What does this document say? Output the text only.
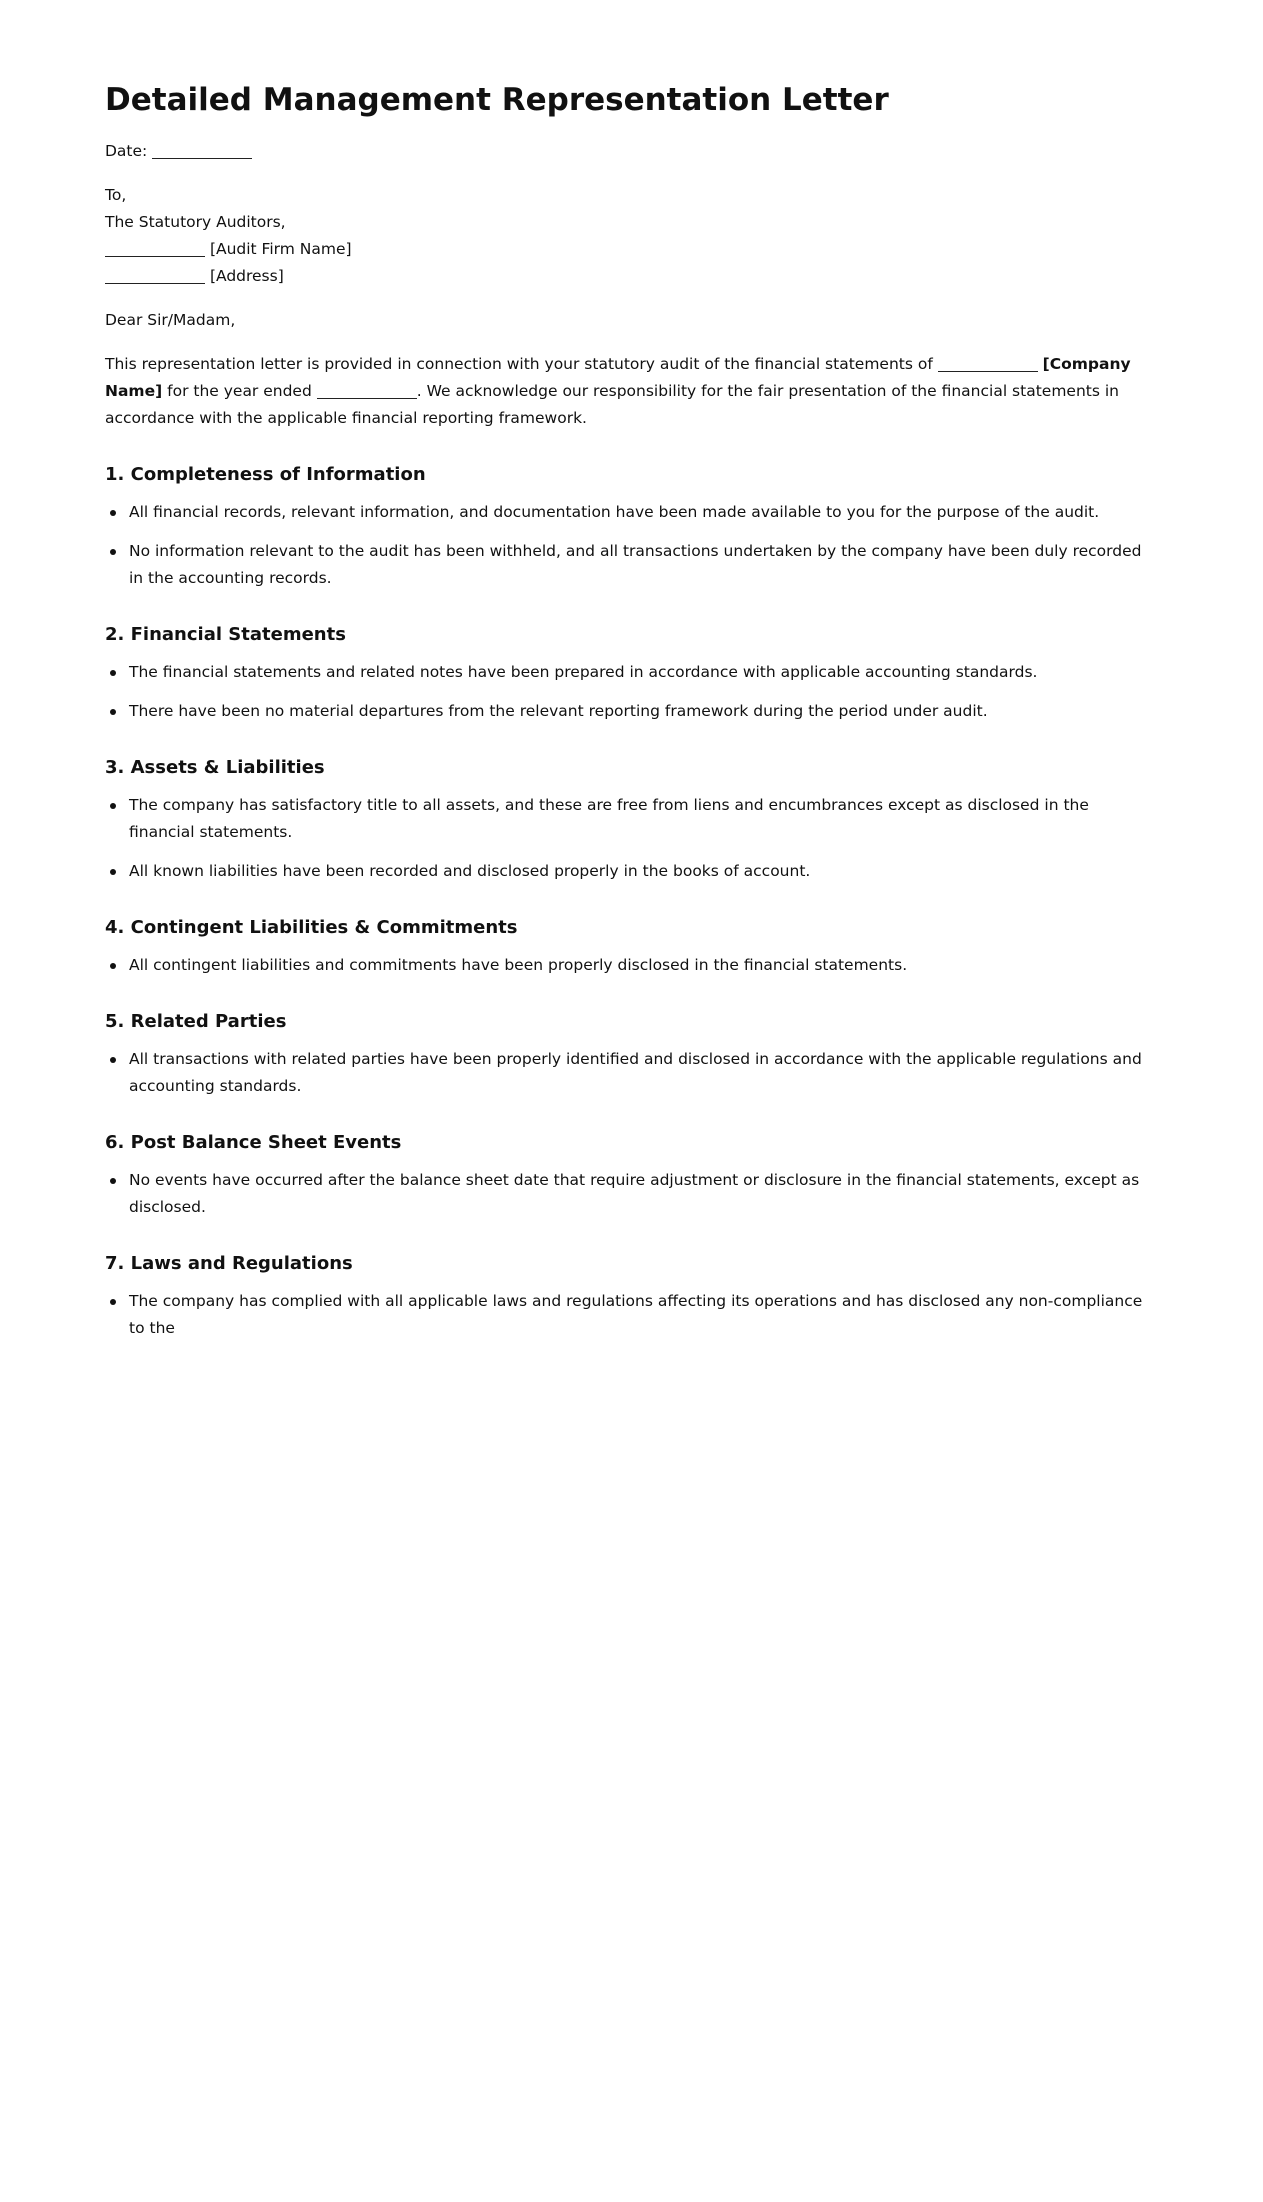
Detailed Management Representation Letter

Date:

To,

The Statutory Auditors,

[Audit Firm Name]

[Address]

Dear Sir/Madam,

This representation letter is provided in connection with your statutory audit of the financial statements of	[Company Name] for the year ended	. We acknowledge our responsibility for the fair presentation of the financial statements in accordance with the applicable financial reporting framework.

1. Completeness of Information
All financial records, relevant information, and documentation have been made available to you for the purpose of the audit.
No information relevant to the audit has been withheld, and all transactions undertaken by the company have been duly recorded in the accounting records.
2. Financial Statements
The financial statements and related notes have been prepared in accordance with applicable accounting standards.
There have been no material departures from the relevant reporting framework during the period under audit.
3. Assets & Liabilities
The company has satisfactory title to all assets, and these are free from liens and encumbrances except as disclosed in the financial statements.
All known liabilities have been recorded and disclosed properly in the books of account.
4. Contingent Liabilities & Commitments
All contingent liabilities and commitments have been properly disclosed in the financial statements.
5. Related Parties
All transactions with related parties have been properly identified and disclosed in accordance with the applicable regulations and accounting standards.
6. Post Balance Sheet Events
No events have occurred after the balance sheet date that require adjustment or disclosure in the financial statements, except as disclosed.
7. Laws and Regulations
The company has complied with all applicable laws and regulations affecting its operations and has disclosed any non-compliance to the
